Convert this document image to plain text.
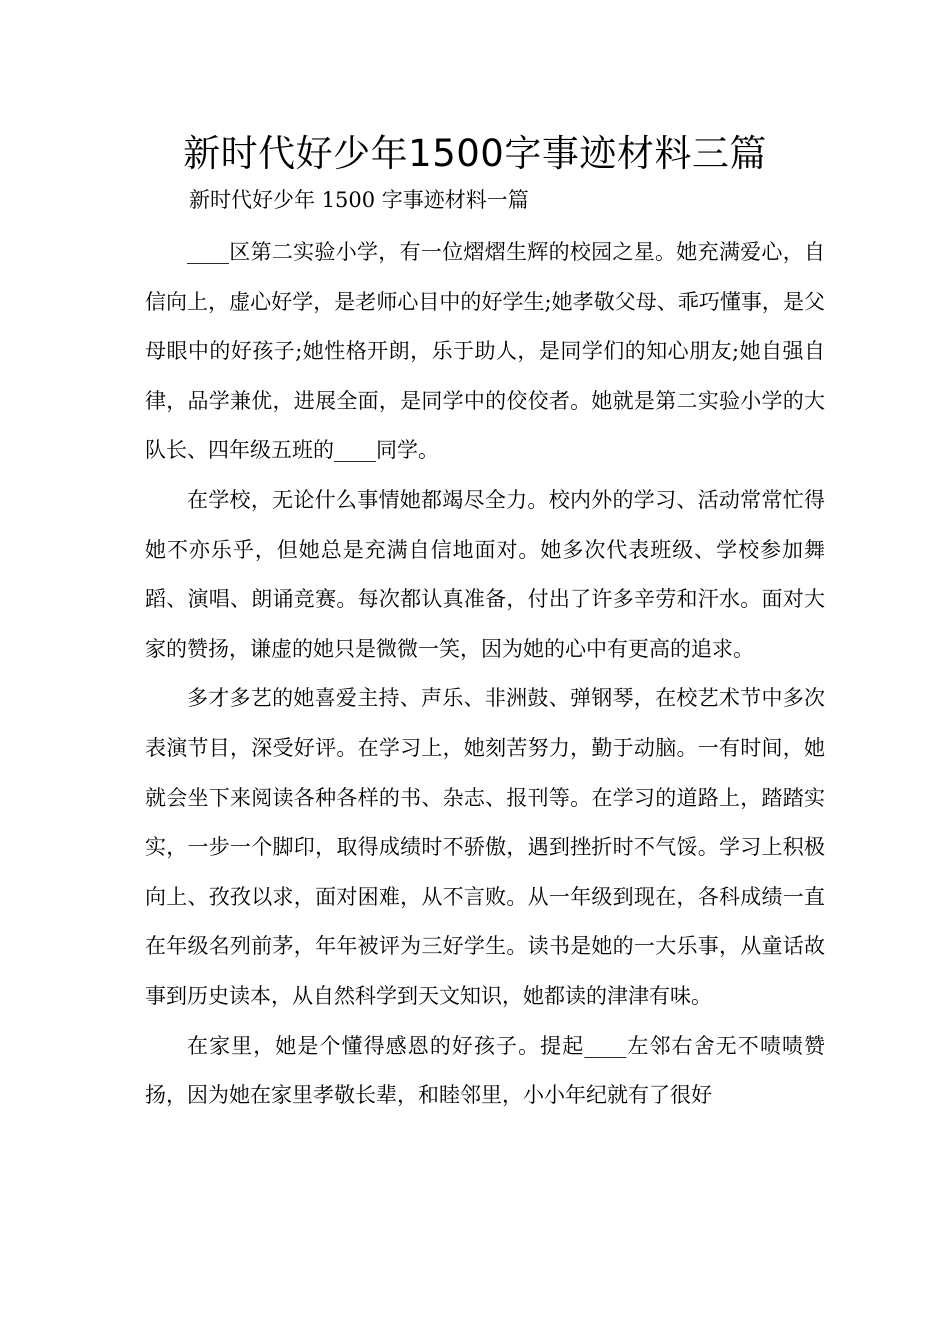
新时代好少年1500字事迹材料三篇

新时代好少年 1500 字事迹材料一篇

____区第二实验小学，有一位熠熠生辉的校园之星。她充满爱心，自信向上，虚心好学，是老师心目中的好学生;她孝敬父母、乖巧懂事，是父母眼中的好孩子;她性格开朗，乐于助人，是同学们的知心朋友;她自强自律，品学兼优，进展全面，是同学中的佼佼者。她就是第二实验小学的大队长、四年级五班的____同学。

在学校，无论什么事情她都竭尽全力。校内外的学习、活动常常忙得她不亦乐乎，但她总是充满自信地面对。她多次代表班级、学校参加舞蹈、演唱、朗诵竞赛。每次都认真准备，付出了许多辛劳和汗水。面对大家的赞扬，谦虚的她只是微微一笑，因为她的心中有更高的追求。

多才多艺的她喜爱主持、声乐、非洲鼓、弹钢琴，在校艺术节中多次表演节目，深受好评。在学习上，她刻苦努力，勤于动脑。一有时间，她就会坐下来阅读各种各样的书、杂志、报刊等。在学习的道路上，踏踏实实，一步一个脚印，取得成绩时不骄傲，遇到挫折时不气馁。学习上积极向上、孜孜以求，面对困难，从不言败。从一年级到现在，各科成绩一直在年级名列前茅，年年被评为三好学生。读书是她的一大乐事，从童话故事到历史读本，从自然科学到天文知识，她都读的津津有味。

在家里，她是个懂得感恩的好孩子。提起____左邻右舍无不啧啧赞扬，因为她在家里孝敬长辈，和睦邻里，小小年纪就有了很好
